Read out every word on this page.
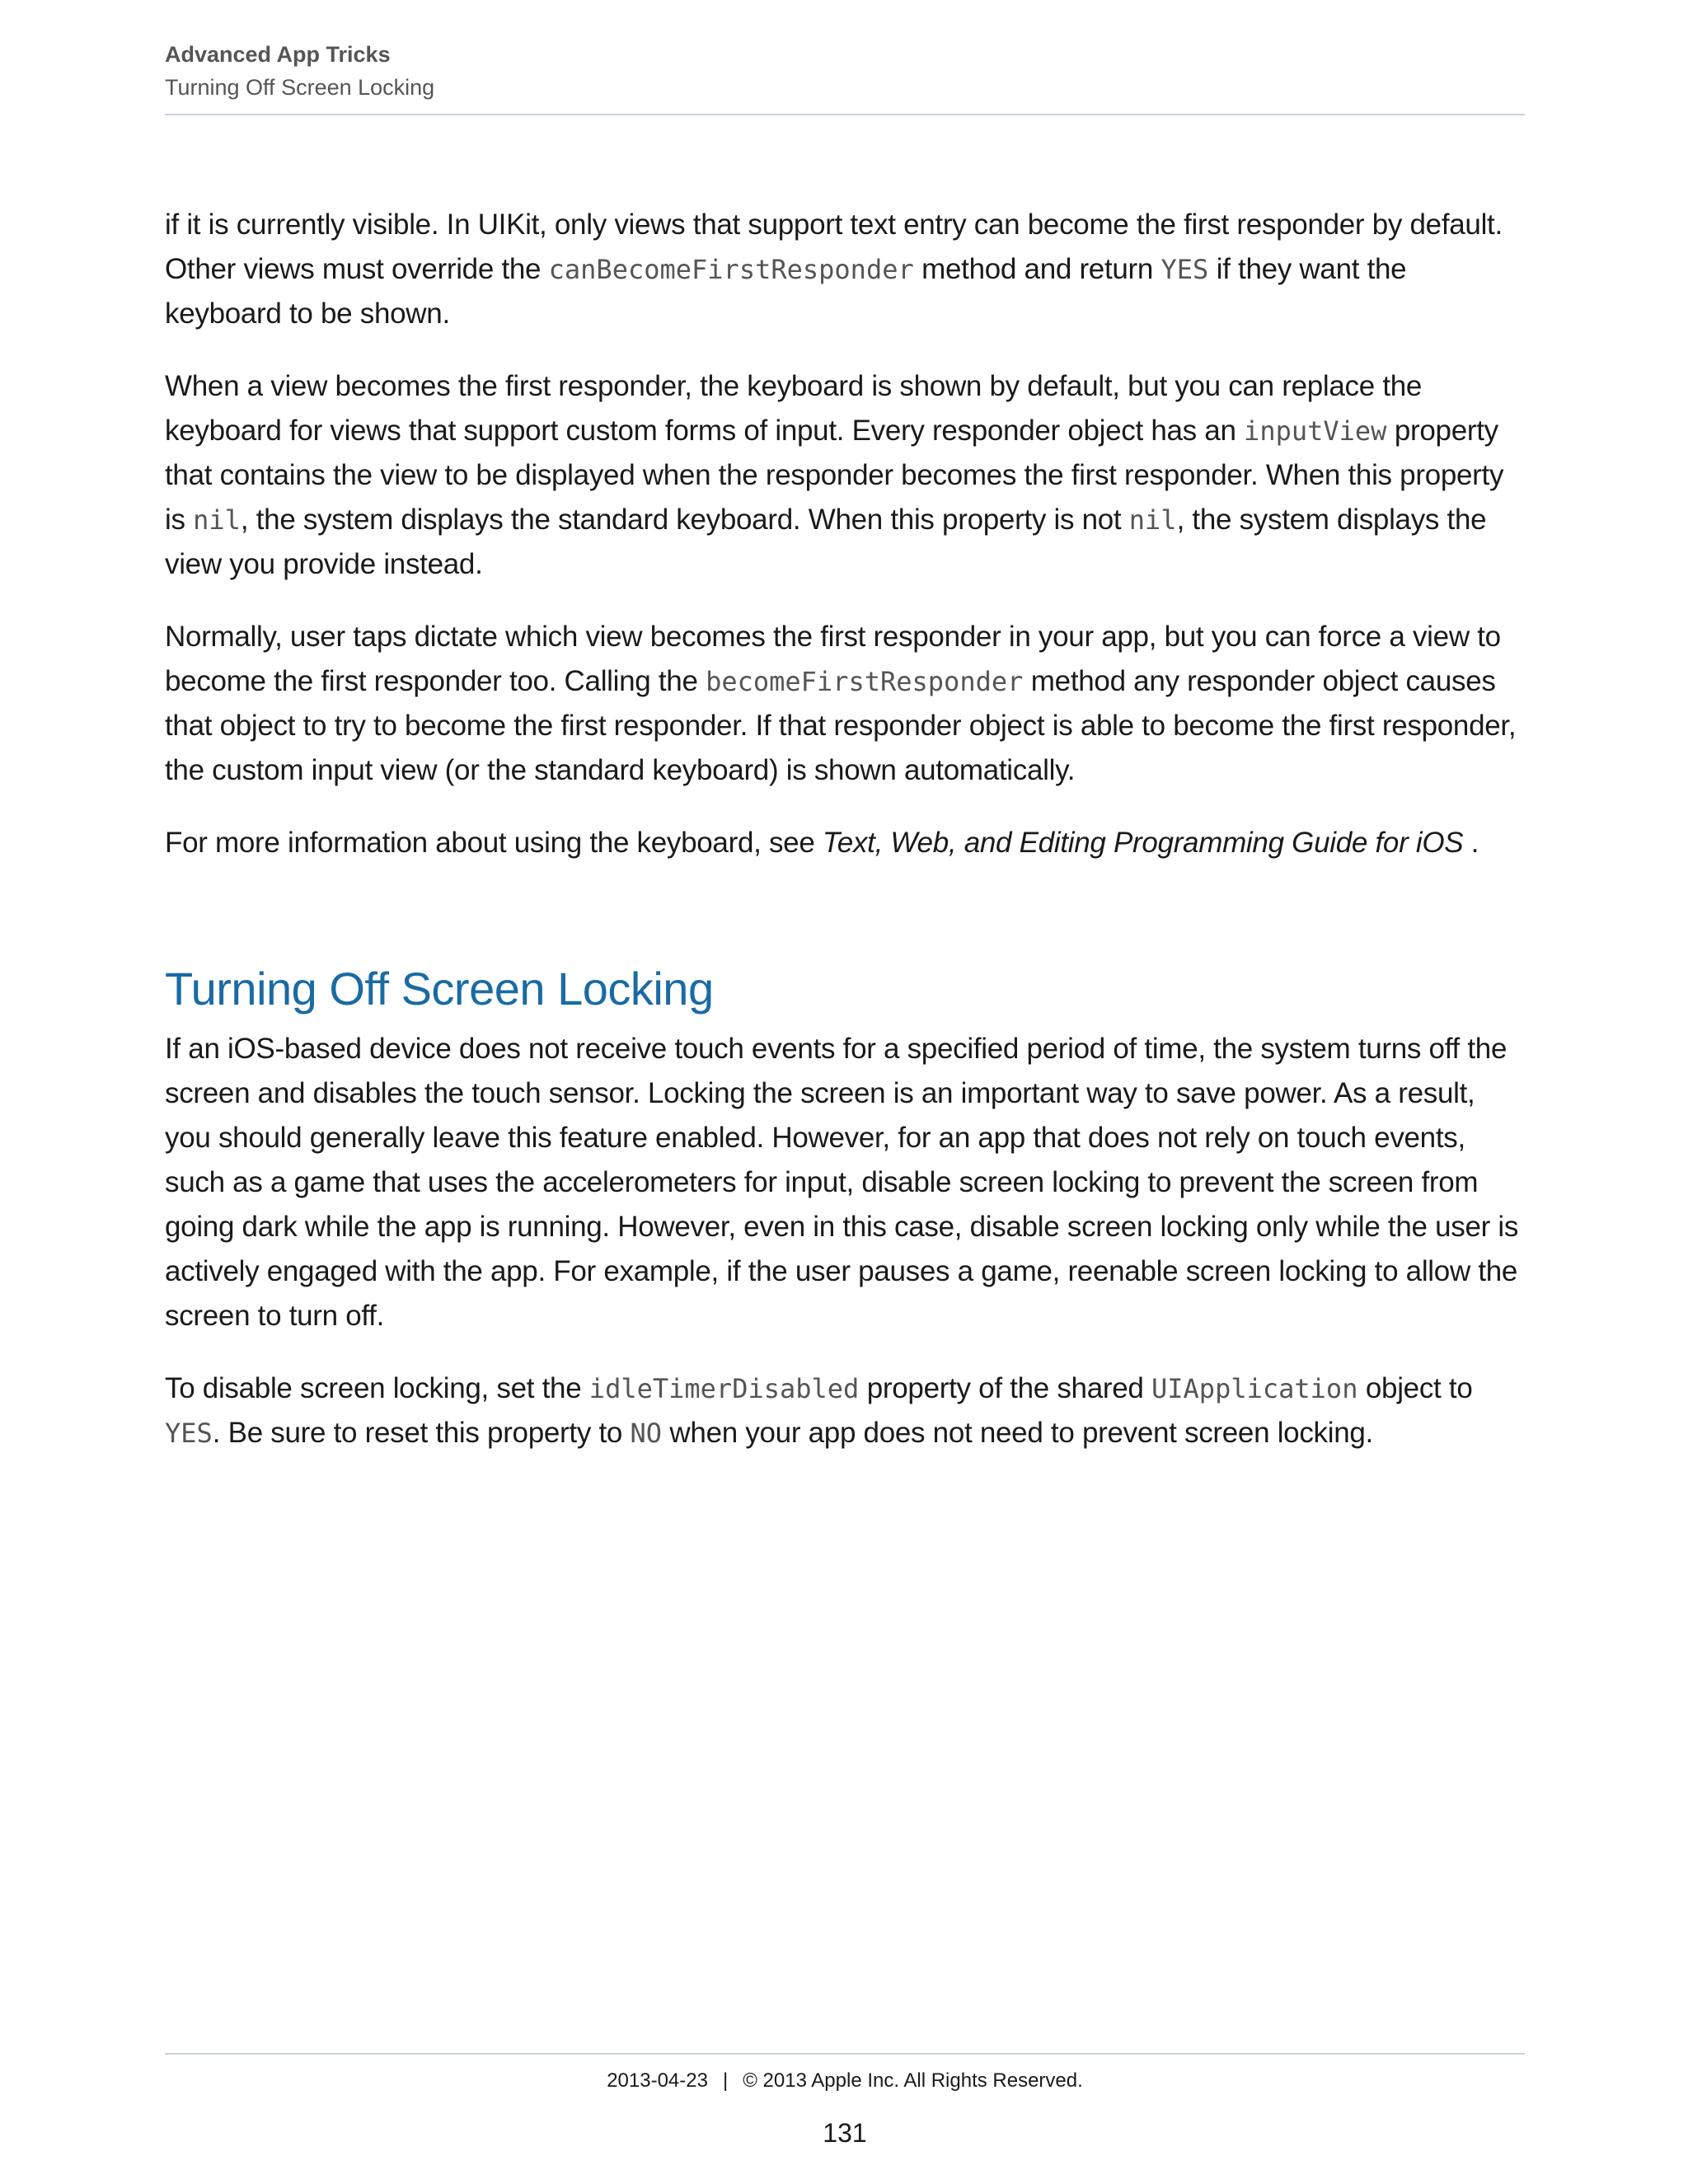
Advanced App Tricks
Turning Off Screen Locking

if it is currently visible. In UIKit, only views that support text entry can become the first responder by default. Other views must override the canBecomeFirstResponder method and return YES if they want the keyboard to be shown.

When a view becomes the first responder, the keyboard is shown by default, but you can replace the keyboard for views that support custom forms of input. Every responder object has an inputView property that contains the view to be displayed when the responder becomes the first responder. When this property is nil, the system displays the standard keyboard. When this property is not nil, the system displays the view you provide instead.

Normally, user taps dictate which view becomes the first responder in your app, but you can force a view to become the first responder too. Calling the becomeFirstResponder method any responder object causes that object to try to become the first responder. If that responder object is able to become the first responder, the custom input view (or the standard keyboard) is shown automatically.

For more information about using the keyboard, see Text, Web, and Editing Programming Guide for iOS .

Turning Off Screen Locking

If an iOS-based device does not receive touch events for a specified period of time, the system turns off the screen and disables the touch sensor. Locking the screen is an important way to save power. As a result, you should generally leave this feature enabled. However, for an app that does not rely on touch events, such as a game that uses the accelerometers for input, disable screen locking to prevent the screen from going dark while the app is running. However, even in this case, disable screen locking only while the user is actively engaged with the app. For example, if the user pauses a game, reenable screen locking to allow the screen to turn off.

To disable screen locking, set the idleTimerDisabled property of the shared UIApplication object to YES. Be sure to reset this property to NO when your app does not need to prevent screen locking.

2013-04-23 | © 2013 Apple Inc. All Rights Reserved.
131
